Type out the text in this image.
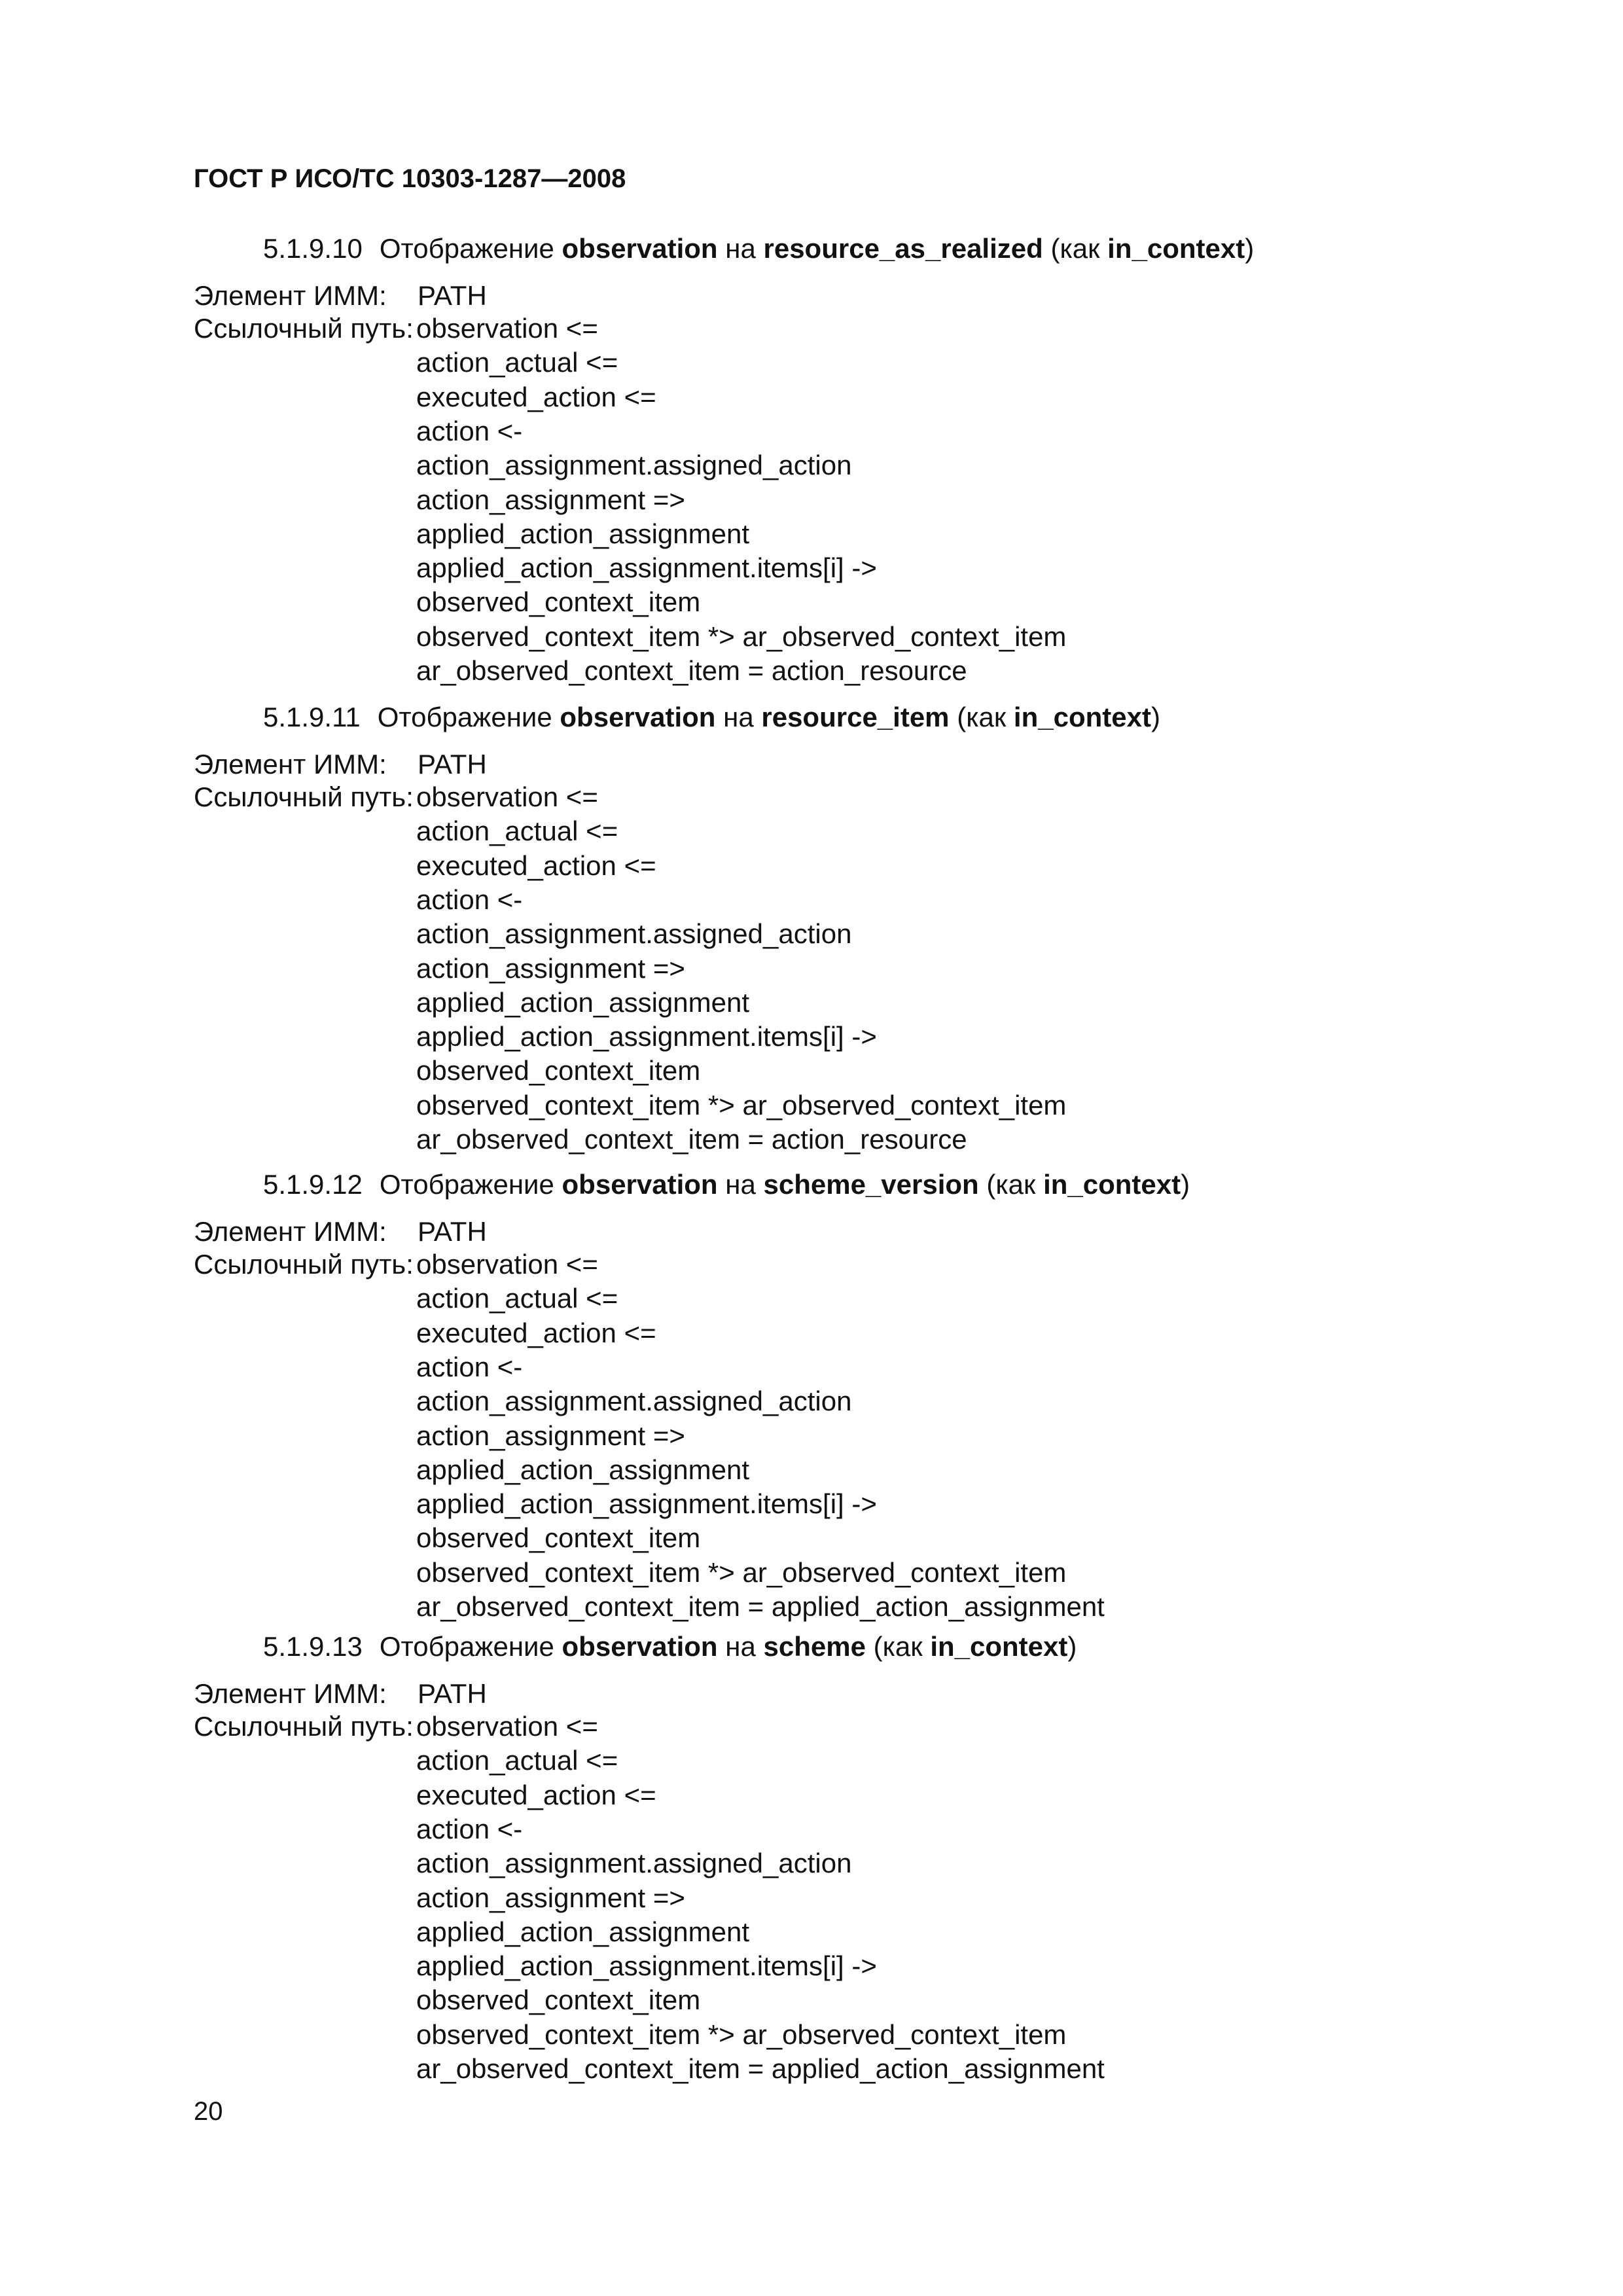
ГОСТ Р ИСО/ТС 10303-1287—2008
5.1.9.10 Отображение observation на resource_as_realized (как in_context)
Элемент ИММ: PATH
Ссылочный путь: observation <=
action_actual <=
executed_action <=
action <-
action_assignment.assigned_action
action_assignment =>
applied_action_assignment
applied_action_assignment.items[i] ->
observed_context_item
observed_context_item *> ar_observed_context_item
ar_observed_context_item = action_resource
5.1.9.11 Отображение observation на resource_item (как in_context)
Элемент ИММ: PATH
Ссылочный путь: observation <=
action_actual <=
executed_action <=
action <-
action_assignment.assigned_action
action_assignment =>
applied_action_assignment
applied_action_assignment.items[i] ->
observed_context_item
observed_context_item *> ar_observed_context_item
ar_observed_context_item = action_resource
5.1.9.12 Отображение observation на scheme_version (как in_context)
Элемент ИММ: PATH
Ссылочный путь: observation <=
action_actual <=
executed_action <=
action <-
action_assignment.assigned_action
action_assignment =>
applied_action_assignment
applied_action_assignment.items[i] ->
observed_context_item
observed_context_item *> ar_observed_context_item
ar_observed_context_item = applied_action_assignment
5.1.9.13 Отображение observation на scheme (как in_context)
Элемент ИММ: PATH
Ссылочный путь: observation <=
action_actual <=
executed_action <=
action <-
action_assignment.assigned_action
action_assignment =>
applied_action_assignment
applied_action_assignment.items[i] ->
observed_context_item
observed_context_item *> ar_observed_context_item
ar_observed_context_item = applied_action_assignment
20
